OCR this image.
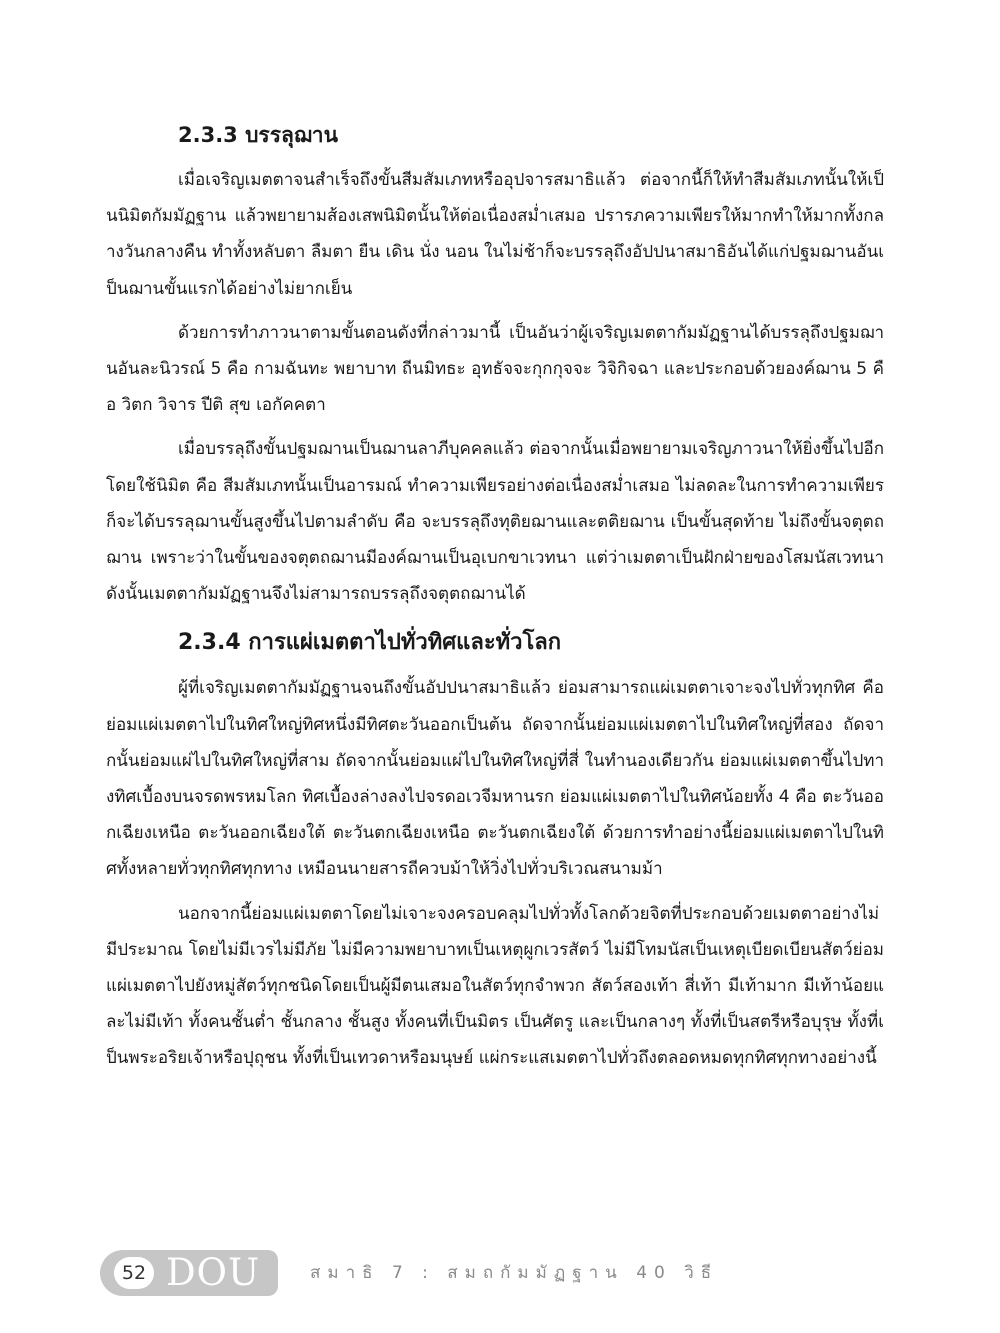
2.3.3 บรรลุฌาน

เมื่อเจริญเมตตาจนสำเร็จถึงขั้นสีมสัมเภทหรืออุปจารสมาธิแล้ว ต่อจากนี้ก็ให้ทำสีมสัมเภทนั้นให้เป็นนิมิตกัมมัฏฐาน แล้วพยายามส้องเสพนิมิตนั้นให้ต่อเนื่องสม่ำเสมอ ปรารภความเพียรให้มากทำให้มากทั้งกลางวันกลางคืน ทำทั้งหลับตา ลืมตา ยืน เดิน นั่ง นอน ในไม่ช้าก็จะบรรลุถึงอัปปนาสมาธิอันได้แก่ปฐมฌานอันเป็นฌานขั้นแรกได้อย่างไม่ยากเย็น

ด้วยการทำภาวนาตามขั้นตอนดังที่กล่าวมานี้ เป็นอันว่าผู้เจริญเมตตากัมมัฏฐานได้บรรลุถึงปฐมฌานอันละนิวรณ์ 5 คือ กามฉันทะ พยาบาท ถีนมิทธะ อุทธัจจะกุกกุจจะ วิจิกิจฉา และประกอบด้วยองค์ฌาน 5 คือ วิตก วิจาร ปีติ สุข เอกัคคตา

เมื่อบรรลุถึงขั้นปฐมฌานเป็นฌานลาภีบุคคลแล้ว ต่อจากนั้นเมื่อพยายามเจริญภาวนาให้ยิ่งขึ้นไปอีก โดยใช้นิมิต คือ สีมสัมเภทนั้นเป็นอารมณ์ ทำความเพียรอย่างต่อเนื่องสม่ำเสมอ ไม่ลดละในการทำความเพียร ก็จะได้บรรลุฌานขั้นสูงขึ้นไปตามลำดับ คือ จะบรรลุถึงทุติยฌานและตติยฌาน เป็นขั้นสุดท้าย ไม่ถึงขั้นจตุตถฌาน เพราะว่าในขั้นของจตุตถฌานมีองค์ฌานเป็นอุเบกขาเวทนา แต่ว่าเมตตาเป็นฝักฝ่ายของโสมนัสเวทนา ดังนั้นเมตตากัมมัฏฐานจึงไม่สามารถบรรลุถึงจตุตถฌานได้

2.3.4 การแผ่เมตตาไปทั่วทิศและทั่วโลก

ผู้ที่เจริญเมตตากัมมัฏฐานจนถึงขั้นอัปปนาสมาธิแล้ว ย่อมสามารถแผ่เมตตาเจาะจงไปทั่วทุกทิศ คือ ย่อมแผ่เมตตาไปในทิศใหญ่ทิศหนึ่งมีทิศตะวันออกเป็นต้น ถัดจากนั้นย่อมแผ่เมตตาไปในทิศใหญ่ที่สอง ถัดจากนั้นย่อมแผ่ไปในทิศใหญ่ที่สาม ถัดจากนั้นย่อมแผ่ไปในทิศใหญ่ที่สี่ ในทำนองเดียวกัน ย่อมแผ่เมตตาขึ้นไปทางทิศเบื้องบนจรดพรหมโลก ทิศเบื้องล่างลงไปจรดอเวจีมหานรก ย่อมแผ่เมตตาไปในทิศน้อยทั้ง 4 คือ ตะวันออกเฉียงเหนือ ตะวันออกเฉียงใต้ ตะวันตกเฉียงเหนือ ตะวันตกเฉียงใต้ ด้วยการทำอย่างนี้ย่อมแผ่เมตตาไปในทิศทั้งหลายทั่วทุกทิศทุกทาง เหมือนนายสารถีควบม้าให้วิ่งไปทั่วบริเวณสนามม้า

นอกจากนี้ย่อมแผ่เมตตาโดยไม่เจาะจงครอบคลุมไปทั่วทั้งโลกด้วยจิตที่ประกอบด้วยเมตตาอย่างไม่มีประมาณ โดยไม่มีเวรไม่มีภัย ไม่มีความพยาบาทเป็นเหตุผูกเวรสัตว์ ไม่มีโทมนัสเป็นเหตุเบียดเบียนสัตว์ย่อมแผ่เมตตาไปยังหมู่สัตว์ทุกชนิดโดยเป็นผู้มีตนเสมอในสัตว์ทุกจำพวก สัตว์สองเท้า สี่เท้า มีเท้ามาก มีเท้าน้อยและไม่มีเท้า ทั้งคนชั้นต่ำ ชั้นกลาง ชั้นสูง ทั้งคนที่เป็นมิตร เป็นศัตรู และเป็นกลางๆ ทั้งที่เป็นสตรีหรือบุรุษ ทั้งที่เป็นพระอริยเจ้าหรือปุถุชน ทั้งที่เป็นเทวดาหรือมนุษย์ แผ่กระแสเมตตาไปทั่วถึงตลอดหมดทุกทิศทุกทางอย่างนี้

52 DOU	สมาธิ 7 : สมถกัมมัฏฐาน 40 วิธี
